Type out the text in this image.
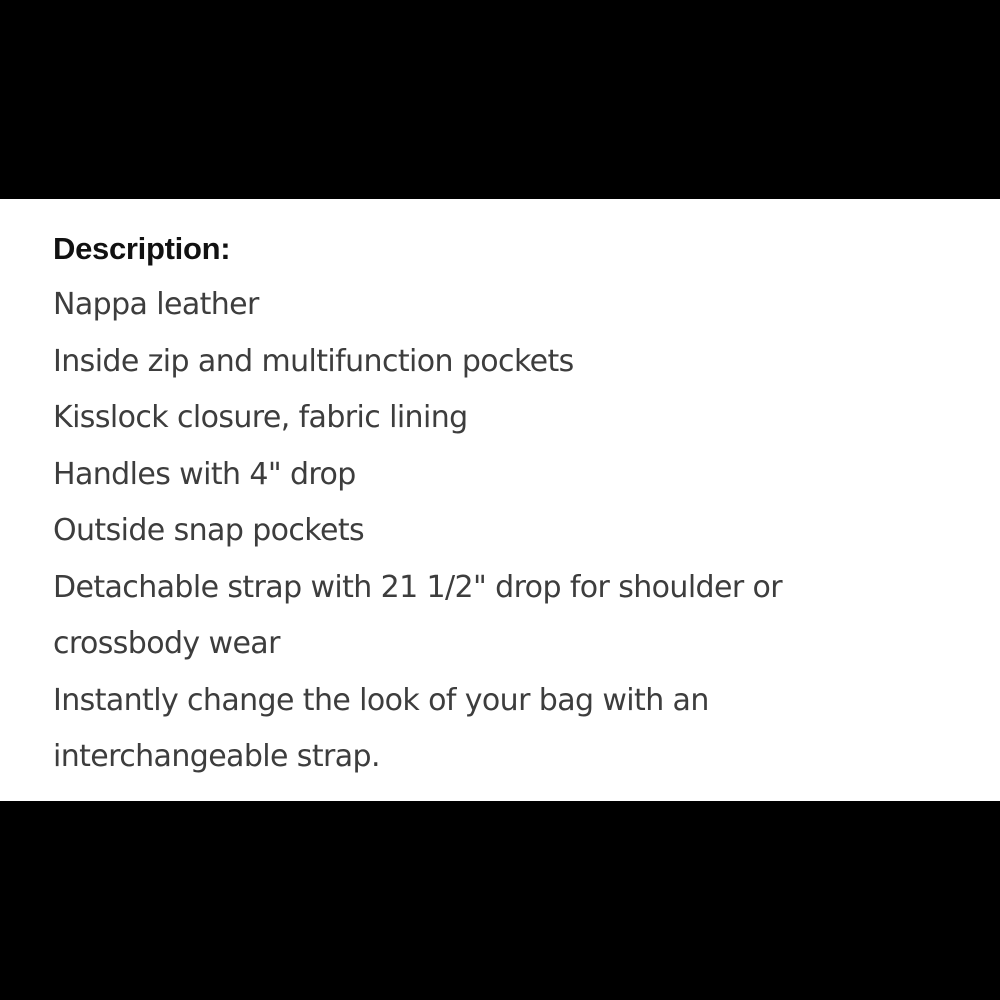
Description:
Nappa leather
Inside zip and multifunction pockets
Kisslock closure, fabric lining
Handles with 4" drop
Outside snap pockets
Detachable strap with 21 1/2" drop for shoulder or
crossbody wear
Instantly change the look of your bag with an
interchangeable strap.
